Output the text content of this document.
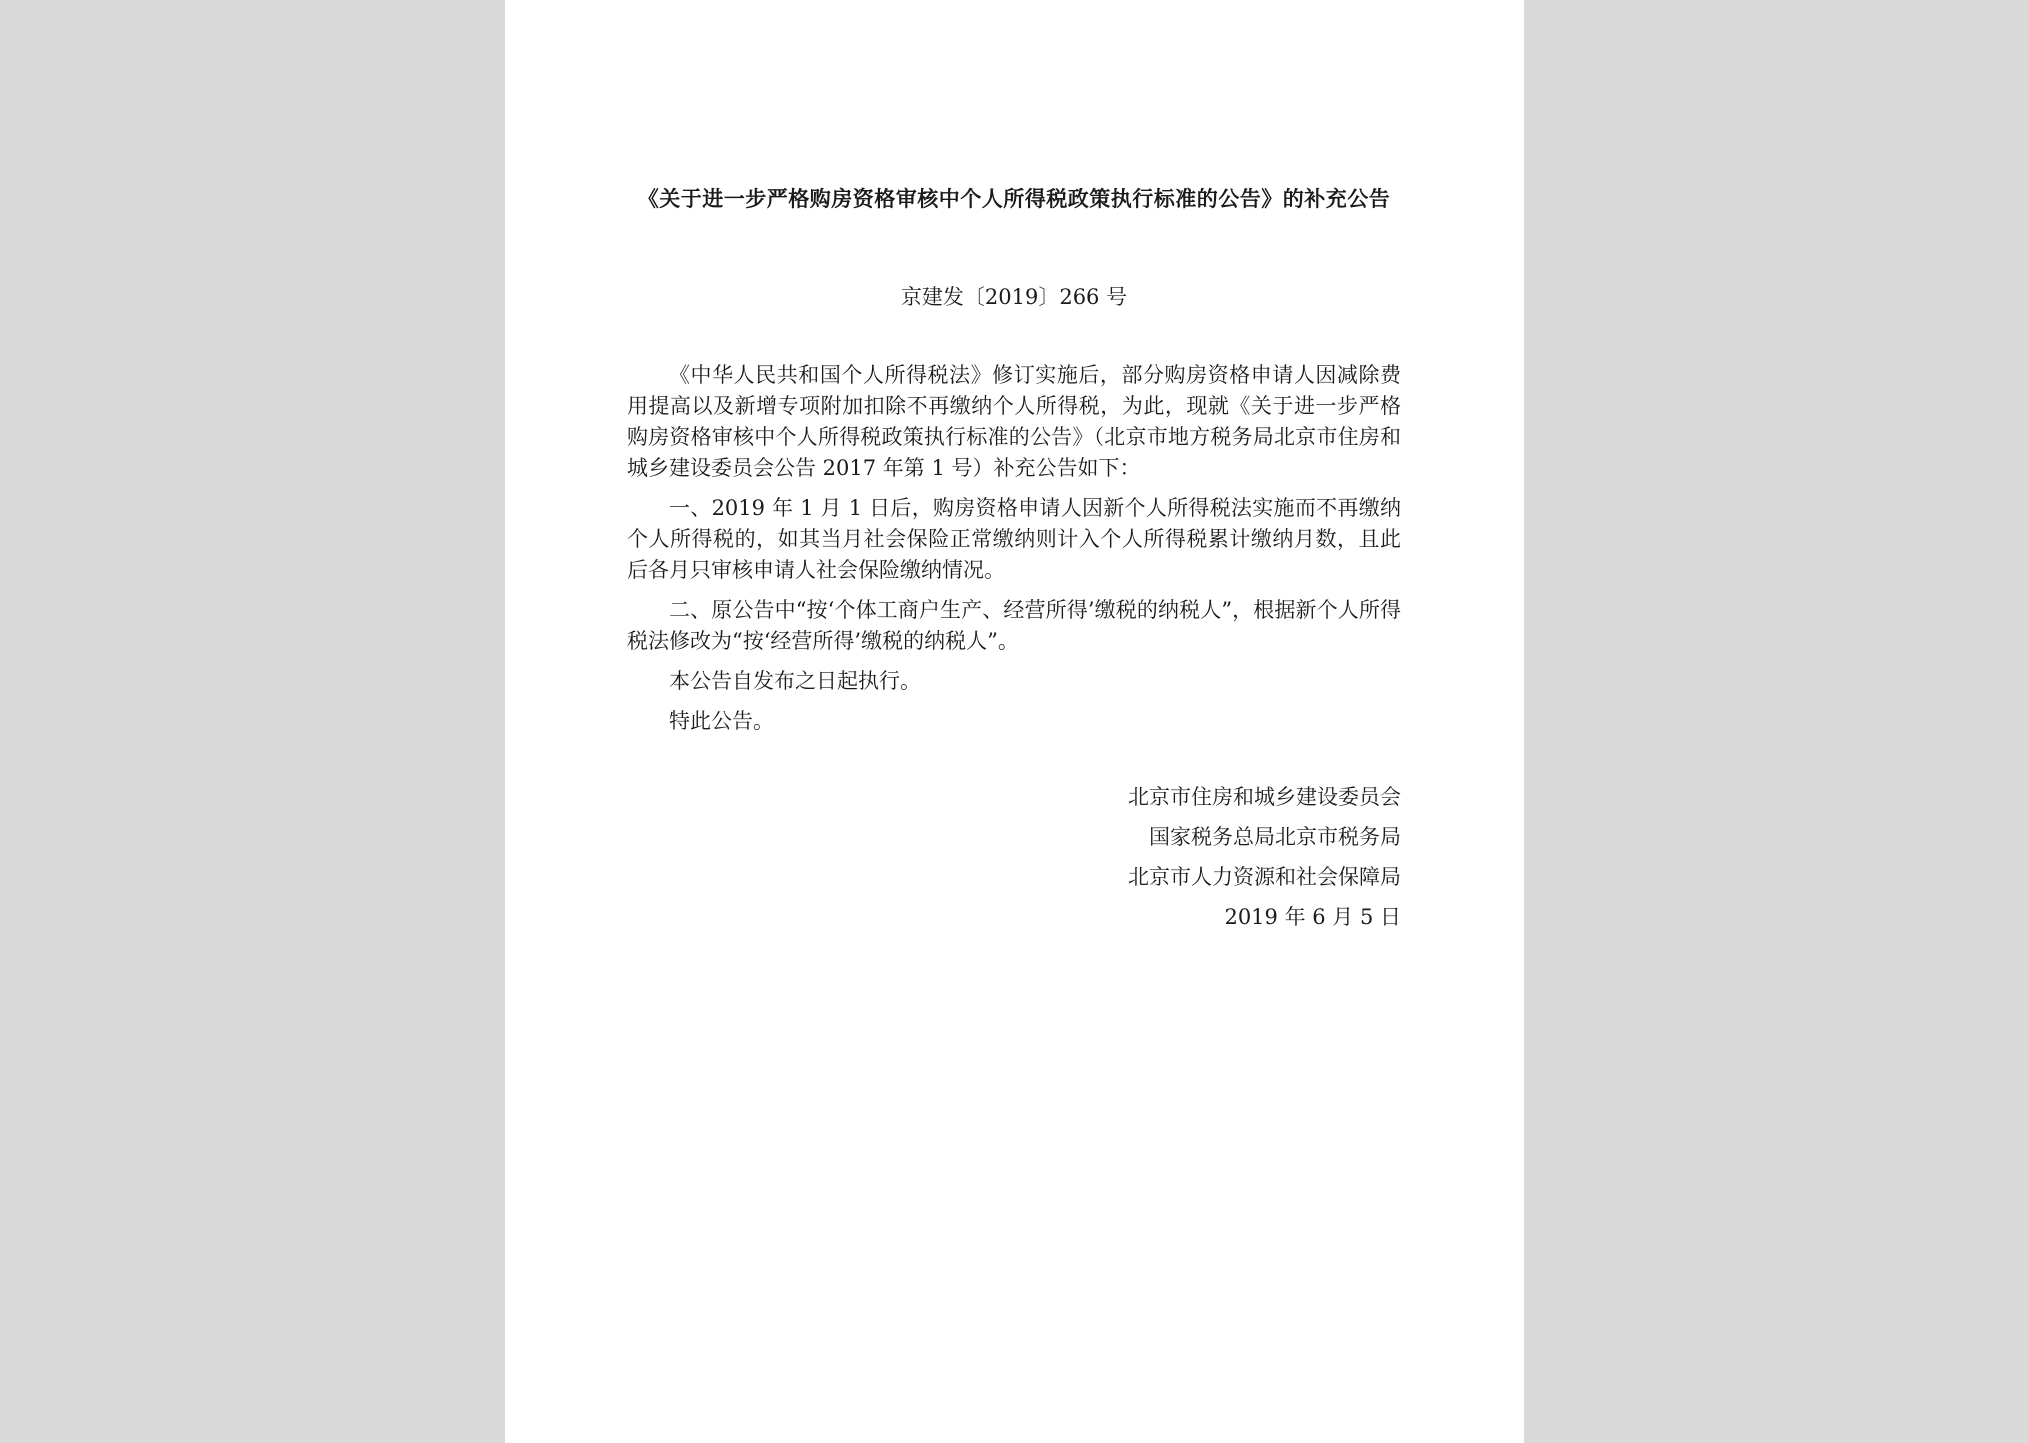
《关于进一步严格购房资格审核中个人所得税政策执行标准的公告》的补充公告
京建发〔2019〕266 号

《中华人民共和国个人所得税法》修订实施后，部分购房资格申请人因减除费用提高以及新增专项附加扣除不再缴纳个人所得税，为此，现就《关于进一步严格购房资格审核中个人所得税政策执行标准的公告》（北京市地方税务局北京市住房和城乡建设委员会公告 2017 年第 1 号）补充公告如下：

一、2019 年 1 月 1 日后，购房资格申请人因新个人所得税法实施而不再缴纳个人所得税的，如其当月社会保险正常缴纳则计入个人所得税累计缴纳月数，且此后各月只审核申请人社会保险缴纳情况。

二、原公告中“按‘个体工商户生产、经营所得’缴税的纳税人”，根据新个人所得税法修改为“按‘经营所得’缴税的纳税人”。

本公告自发布之日起执行。

特此公告。

北京市住房和城乡建设委员会
国家税务总局北京市税务局
北京市人力资源和社会保障局
2019 年 6 月 5 日
